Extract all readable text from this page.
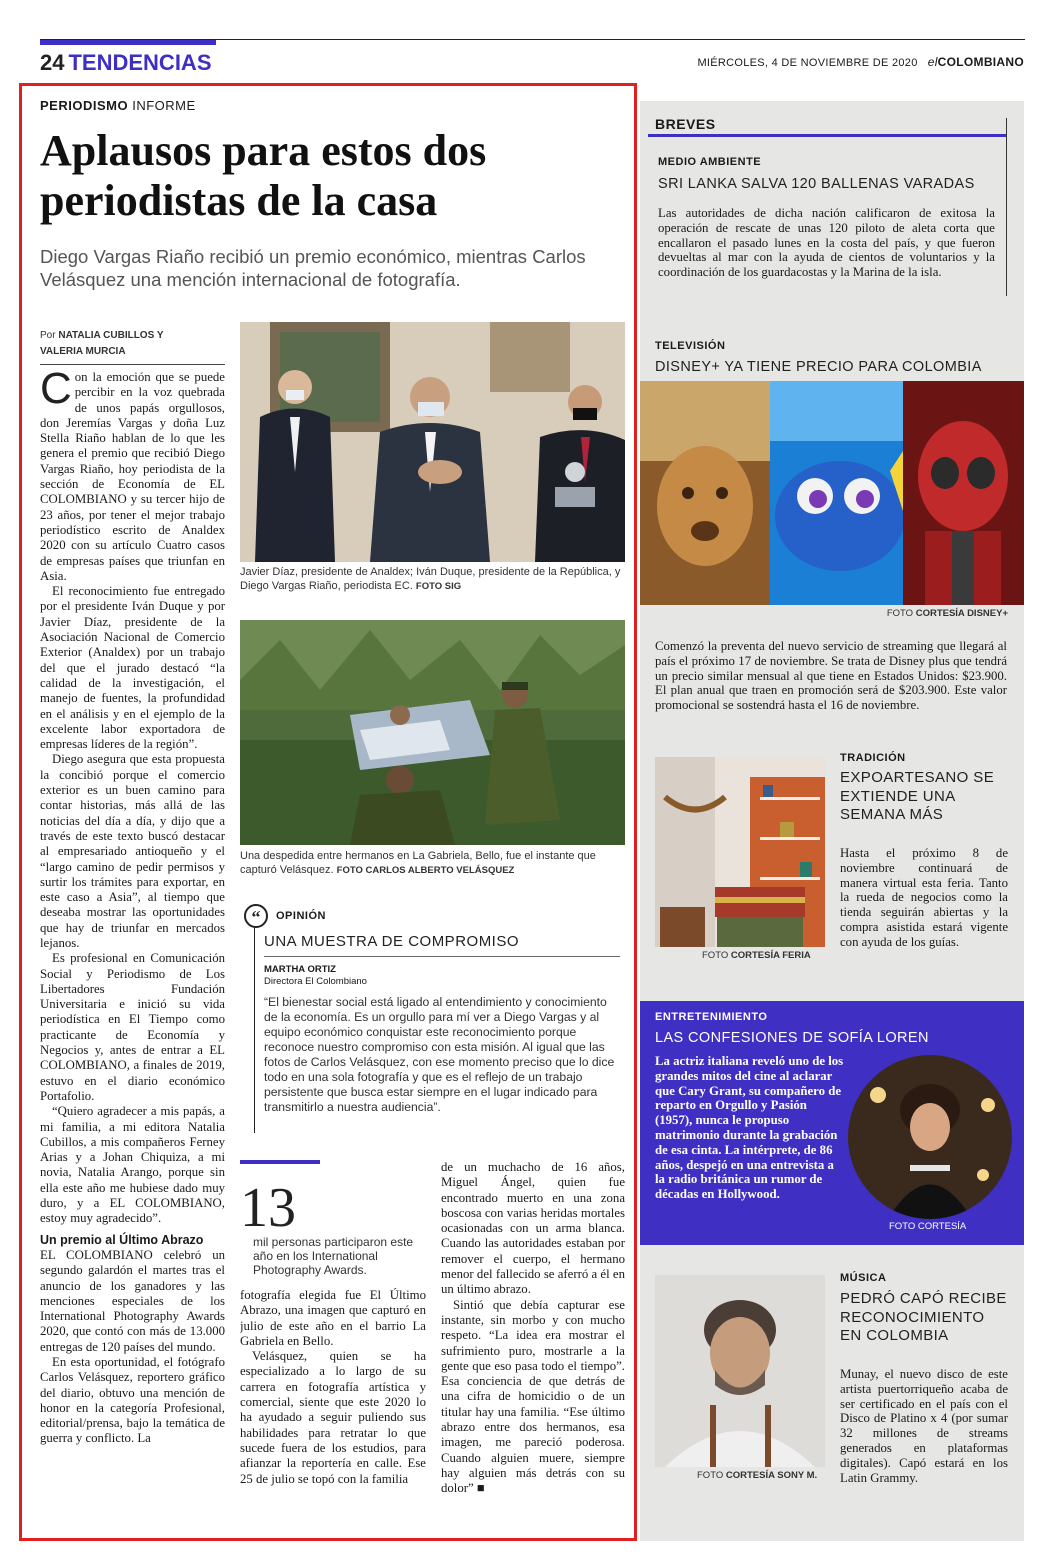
24 TENDENCIAS	MIÉRCOLES, 4 DE NOVIEMBRE DE 2020 elCOLOMBIANO
PERIODISMO INFORME
Aplausos para estos dos periodistas de la casa
Diego Vargas Riaño recibió un premio económico, mientras Carlos Velásquez una mención internacional de fotografía.
Por NATALIA CUBILLOS Y
VALERIA MURCIA

Con la emoción que se puede percibir en la voz quebrada de unos papás orgullosos, don Jeremías Vargas y doña Luz Stella Riaño hablan de lo que les genera el premio que recibió Diego Vargas Riaño, hoy periodista de la sección de Economía de EL COLOMBIANO y su tercer hijo de 23 años, por tener el mejor trabajo periodístico escrito de Analdex 2020 con su artículo Cuatro casos de empresas países que triunfan en Asia.

El reconocimiento fue entregado por el presidente Iván Duque y por Javier Díaz, presidente de la Asociación Nacional de Comercio Exterior (Analdex) por un trabajo del que el jurado destacó “la calidad de la investigación, el manejo de fuentes, la profundidad en el análisis y en el ejemplo de la excelente labor exportadora de empresas líderes de la región”.

Diego asegura que esta propuesta la concibió porque el comercio exterior es un buen camino para contar historias, más allá de las noticias del día a día, y dijo que a través de este texto buscó destacar al empresariado antioqueño y el “largo camino de pedir permisos y surtir los trámites para exportar, en este caso a Asia”, al tiempo que deseaba mostrar las oportunidades que hay de triunfar en mercados lejanos.

Es profesional en Comunicación Social y Periodismo de Los Libertadores Fundación Universitaria e inició su vida periodística en El Tiempo como practicante de Economía y Negocios y, antes de entrar a EL COLOMBIANO, a finales de 2019, estuvo en el diario económico Portafolio.

“Quiero agradecer a mis papás, a mi familia, a mi editora Natalia Cubillos, a mis compañeros Ferney Arias y a Johan Chiquiza, a mi novia, Natalia Arango, porque sin ella este año me hubiese dado muy duro, y a EL COLOMBIANO, estoy muy agradecido”.

Un premio al Último Abrazo

EL COLOMBIANO celebró un segundo galardón el martes tras el anuncio de los ganadores y las menciones especiales de los International Photography Awards 2020, que contó con más de 13.000 entregas de 120 países del mundo.

En esta oportunidad, el fotógrafo Carlos Velásquez, reportero gráfico del diario, obtuvo una mención de honor en la categoría Profesional, editorial/prensa, bajo la temática de guerra y conflicto. La

Javier Díaz, presidente de Analdex; Iván Duque, presidente de la República, y Diego Vargas Riaño, periodista EC. FOTO SIG
Una despedida entre hermanos en La Gabriela, Bello, fue el instante que capturó Velásquez. FOTO CARLOS ALBERTO VELÁSQUEZ
“ OPINIÓN
UNA MUESTRA DE COMPROMISO
MARTHA ORTIZ
Directora El Colombiano
“El bienestar social está ligado al entendimiento y conocimiento de la economía. Es un orgullo para mí ver a Diego Vargas y al equipo económico conquistar este reconocimiento porque reconoce nuestro compromiso con esta misión. Al igual que las fotos de Carlos Velásquez, con ese momento preciso que lo dice todo en una sola fotografía y que es el reflejo de un trabajo persistente que busca estar siempre en el lugar indicado para transmitirlo a nuestra audiencia”.
13
mil personas participaron este año en los International Photography Awards.

fotografía elegida fue El Último Abrazo, una imagen que capturó en julio de este año en el barrio La Gabriela en Bello.

Velásquez, quien se ha especializado a lo largo de su carrera en fotografía artística y comercial, siente que este 2020 lo ha ayudado a seguir puliendo sus habilidades para retratar lo que sucede fuera de los estudios, para afianzar la reportería en calle. Ese 25 de julio se topó con la familia

de un muchacho de 16 años, Miguel Ángel, quien fue encontrado muerto en una zona boscosa con varias heridas mortales ocasionadas con un arma blanca. Cuando las autoridades estaban por remover el cuerpo, el hermano menor del fallecido se aferró a él en un último abrazo.

Sintió que debía capturar ese instante, sin morbo y con mucho respeto. “La idea era mostrar el sufrimiento puro, mostrarle a la gente que eso pasa todo el tiempo”. Esa conciencia de que detrás de una cifra de homicidio o de un titular hay una familia. “Ese último abrazo entre dos hermanos, esa imagen, me pareció poderosa. Cuando alguien muere, siempre hay alguien más detrás con su dolor” ■

BREVES
MEDIO AMBIENTE
SRI LANKA SALVA 120 BALLENAS VARADAS
Las autoridades de dicha nación calificaron de exitosa la operación de rescate de unas 120 piloto de aleta corta que encallaron el pasado lunes en la costa del país, y que fueron devueltas al mar con la ayuda de cientos de voluntarios y la coordinación de los guardacostas y la Marina de la isla.
TELEVISIÓN
DISNEY+ YA TIENE PRECIO PARA COLOMBIA
FOTO CORTESÍA DISNEY+
Comenzó la preventa del nuevo servicio de streaming que llegará al país el próximo 17 de noviembre. Se trata de Disney plus que tendrá un precio similar mensual al que tiene en Estados Unidos: $23.900. El plan anual que traen en promoción será de $203.900. Este valor promocional se sostendrá hasta el 16 de noviembre.
FOTO CORTESÍA FERIA
TRADICIÓN
EXPOARTESANO SE EXTIENDE UNA SEMANA MÁS
Hasta el próximo 8 de noviembre continuará de manera virtual esta feria. Tanto la rueda de negocios como la tienda seguirán abiertas y la compra asistida estará vigente con ayuda de los guías.
ENTRETENIMIENTO
LAS CONFESIONES DE SOFÍA LOREN
La actriz italiana reveló uno de los grandes mitos del cine al aclarar que Cary Grant, su compañero de reparto en Orgullo y Pasión (1957), nunca le propuso matrimonio durante la grabación de esa cinta. La intérprete, de 86 años, despejó en una entrevista a la radio británica un rumor de décadas en Hollywood.
FOTO CORTESÍA
FOTO CORTESÍA SONY M.
MÚSICA
PEDRÓ CAPÓ RECIBE RECONOCIMIENTO EN COLOMBIA
Munay, el nuevo disco de este artista puertorriqueño acaba de ser certificado en el país con el Disco de Platino x 4 (por sumar 32 millones de streams generados en plataformas digitales). Capó estará en los Latin Grammy.
